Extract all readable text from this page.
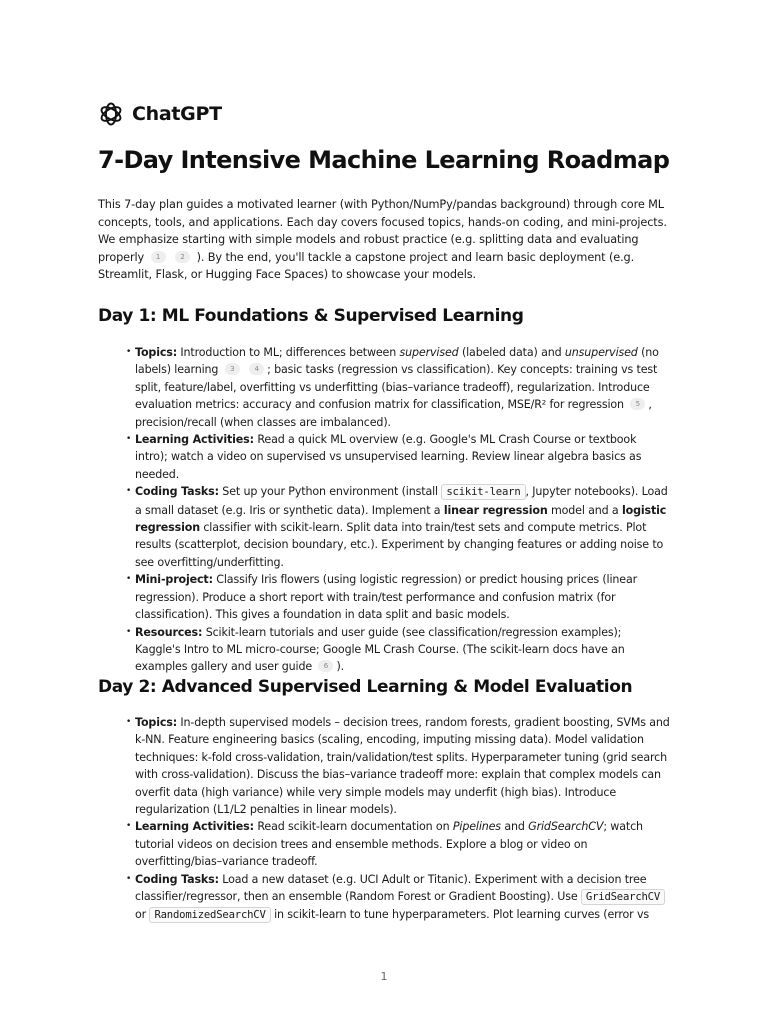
ChatGPT
7-Day Intensive Machine Learning Roadmap

This 7-day plan guides a motivated learner (with Python/NumPy/pandas background) through core ML concepts, tools, and applications. Each day covers focused topics, hands-on coding, and mini-projects. We emphasize starting with simple models and robust practice (e.g. splitting data and evaluating properly 1	2 ). By the end, you'll tackle a capstone project and learn basic deployment (e.g. Streamlit, Flask, or Hugging Face Spaces) to showcase your models.

Day 1: ML Foundations & Supervised Learning
• Topics: Introduction to ML; differences between supervised (labeled data) and unsupervised (no labels) learning 3	4 ; basic tasks (regression vs classification). Key concepts: training vs test split, feature/label, overfitting vs underfitting (bias–variance tradeoff), regularization. Introduce evaluation metrics: accuracy and confusion matrix for classification, MSE/R² for regression 5 , precision/recall (when classes are imbalanced).
• Learning Activities: Read a quick ML overview (e.g. Google's ML Crash Course or textbook intro); watch a video on supervised vs unsupervised learning. Review linear algebra basics as needed.
• Coding Tasks: Set up your Python environment (install scikit-learn , Jupyter notebooks). Load a small dataset (e.g. Iris or synthetic data). Implement a linear regression model and a logistic regression classifier with scikit-learn. Split data into train/test sets and compute metrics. Plot results (scatterplot, decision boundary, etc.). Experiment by changing features or adding noise to see overfitting/underfitting.
• Mini-project: Classify Iris flowers (using logistic regression) or predict housing prices (linear regression). Produce a short report with train/test performance and confusion matrix (for classification). This gives a foundation in data split and basic models.
• Resources: Scikit-learn tutorials and user guide (see classification/regression examples); Kaggle's Intro to ML micro-course; Google ML Crash Course. (The scikit-learn docs have an examples gallery and user guide 6 ).
Day 2: Advanced Supervised Learning & Model Evaluation
• Topics: In-depth supervised models – decision trees, random forests, gradient boosting, SVMs and k-NN. Feature engineering basics (scaling, encoding, imputing missing data). Model validation techniques: k-fold cross-validation, train/validation/test splits. Hyperparameter tuning (grid search with cross-validation). Discuss the bias–variance tradeoff more: explain that complex models can overfit data (high variance) while very simple models may underfit (high bias). Introduce regularization (L1/L2 penalties in linear models).
• Learning Activities: Read scikit-learn documentation on Pipelines and GridSearchCV; watch tutorial videos on decision trees and ensemble methods. Explore a blog or video on overfitting/bias–variance tradeoff.
• Coding Tasks: Load a new dataset (e.g. UCI Adult or Titanic). Experiment with a decision tree classifier/regressor, then an ensemble (Random Forest or Gradient Boosting). Use GridSearchCV or RandomizedSearchCV in scikit-learn to tune hyperparameters. Plot learning curves (error vs
1
